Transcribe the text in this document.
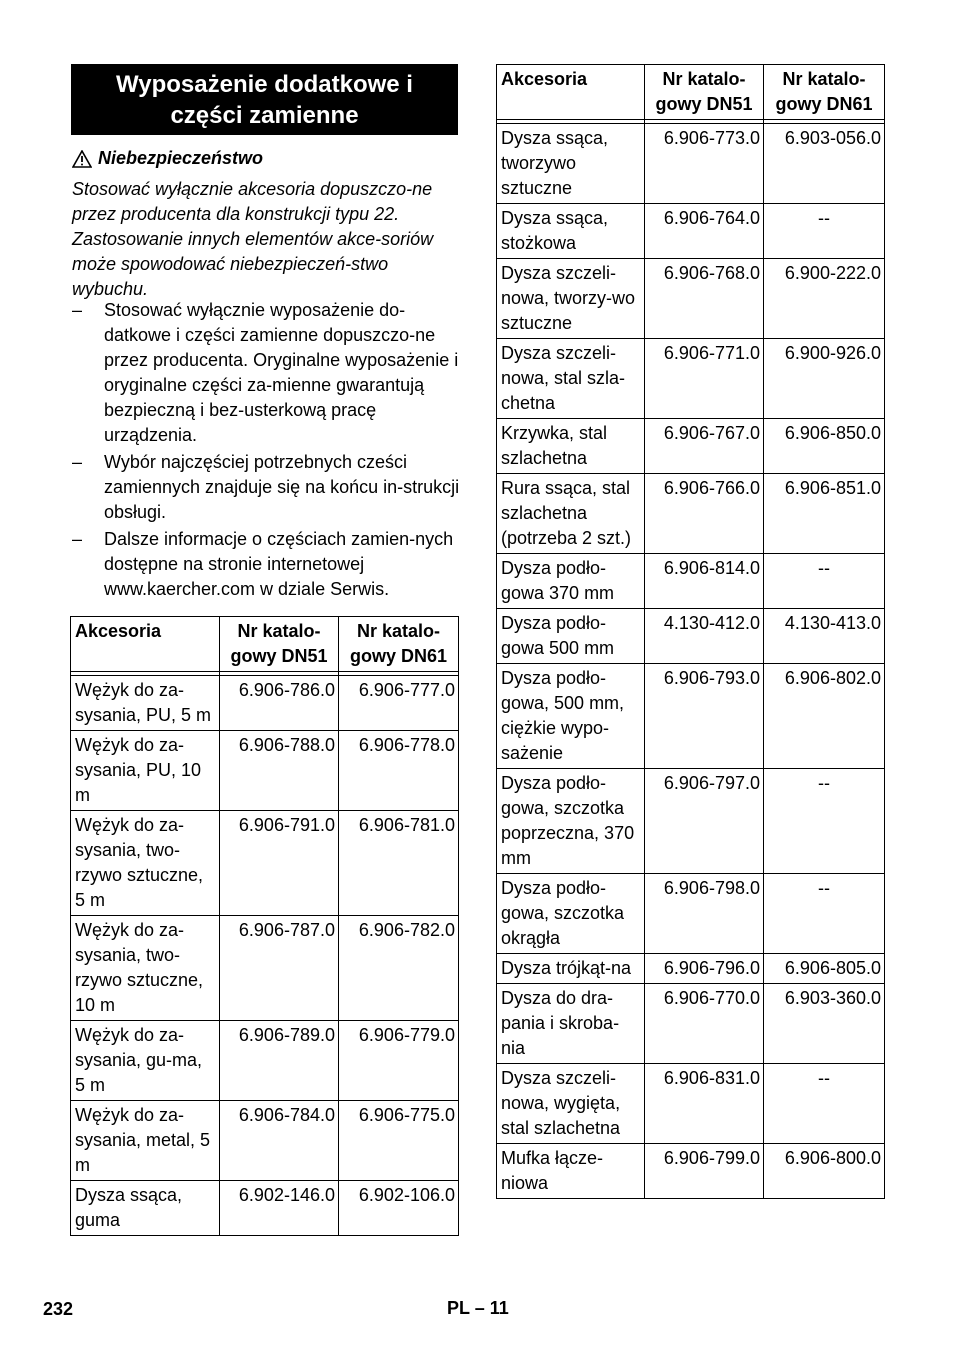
Wyposażenie dodatkowe i części zamienne
Niebezpieczeństwo
Stosować wyłącznie akcesoria dopuszczo-ne przez producenta dla konstrukcji typu 22. Zastosowanie innych elementów akce-soriów może spowodować niebezpieczeń-stwo wybuchu.
– Stosować wyłącznie wyposażenie do-datkowe i części zamienne dopuszczo-ne przez producenta. Oryginalne wyposażenie i oryginalne części za-mienne gwarantują bezpieczną i bez-usterkową pracę urządzenia.
– Wybór najczęściej potrzebnych cześci zamiennych znajduje się na końcu in-strukcji obsługi.
– Dalsze informacje o częściach zamien-nych dostępne na stronie internetowej www.kaercher.com w dziale Serwis.
Akcesoria	Nr katalo-gowy DN51	Nr katalo-gowy DN61

Wężyk do za-sysania, PU, 5 m	6.906-786.0	6.906-777.0
Wężyk do za-sysania, PU, 10 m	6.906-788.0	6.906-778.0
Wężyk do za-sysania, two-rzywo sztuczne, 5 m	6.906-791.0	6.906-781.0
Wężyk do za-sysania, two-rzywo sztuczne, 10 m	6.906-787.0	6.906-782.0
Wężyk do za-sysania, gu-ma, 5 m	6.906-789.0	6.906-779.0
Wężyk do za-sysania, metal, 5 m	6.906-784.0	6.906-775.0
Dysza ssąca, guma	6.902-146.0	6.902-106.0
Akcesoria	Nr katalo-gowy DN51	Nr katalo-gowy DN61

Dysza ssąca, tworzywo sztuczne	6.906-773.0	6.903-056.0
Dysza ssąca, stożkowa	6.906-764.0	--
Dysza szczeli-nowa, tworzy-wo sztuczne	6.906-768.0	6.900-222.0
Dysza szczeli-nowa, stal szla-chetna	6.906-771.0	6.900-926.0
Krzywka, stal szlachetna	6.906-767.0	6.906-850.0
Rura ssąca, stal szlachetna (potrzeba 2 szt.)	6.906-766.0	6.906-851.0
Dysza podło-gowa 370 mm	6.906-814.0	--
Dysza podło-gowa 500 mm	4.130-412.0	4.130-413.0
Dysza podło-gowa, 500 mm, ciężkie wypo-sażenie	6.906-793.0	6.906-802.0
Dysza podło-gowa, szczotka poprzeczna, 370 mm	6.906-797.0	--
Dysza podło-gowa, szczotka okrągła	6.906-798.0	--
Dysza trójkąt-na	6.906-796.0	6.906-805.0
Dysza do dra-pania i skroba-nia	6.906-770.0	6.903-360.0
Dysza szczeli-nowa, wygięta, stal szlachetna	6.906-831.0	--
Mufka łącze-niowa	6.906-799.0	6.906-800.0
232	PL – 11
